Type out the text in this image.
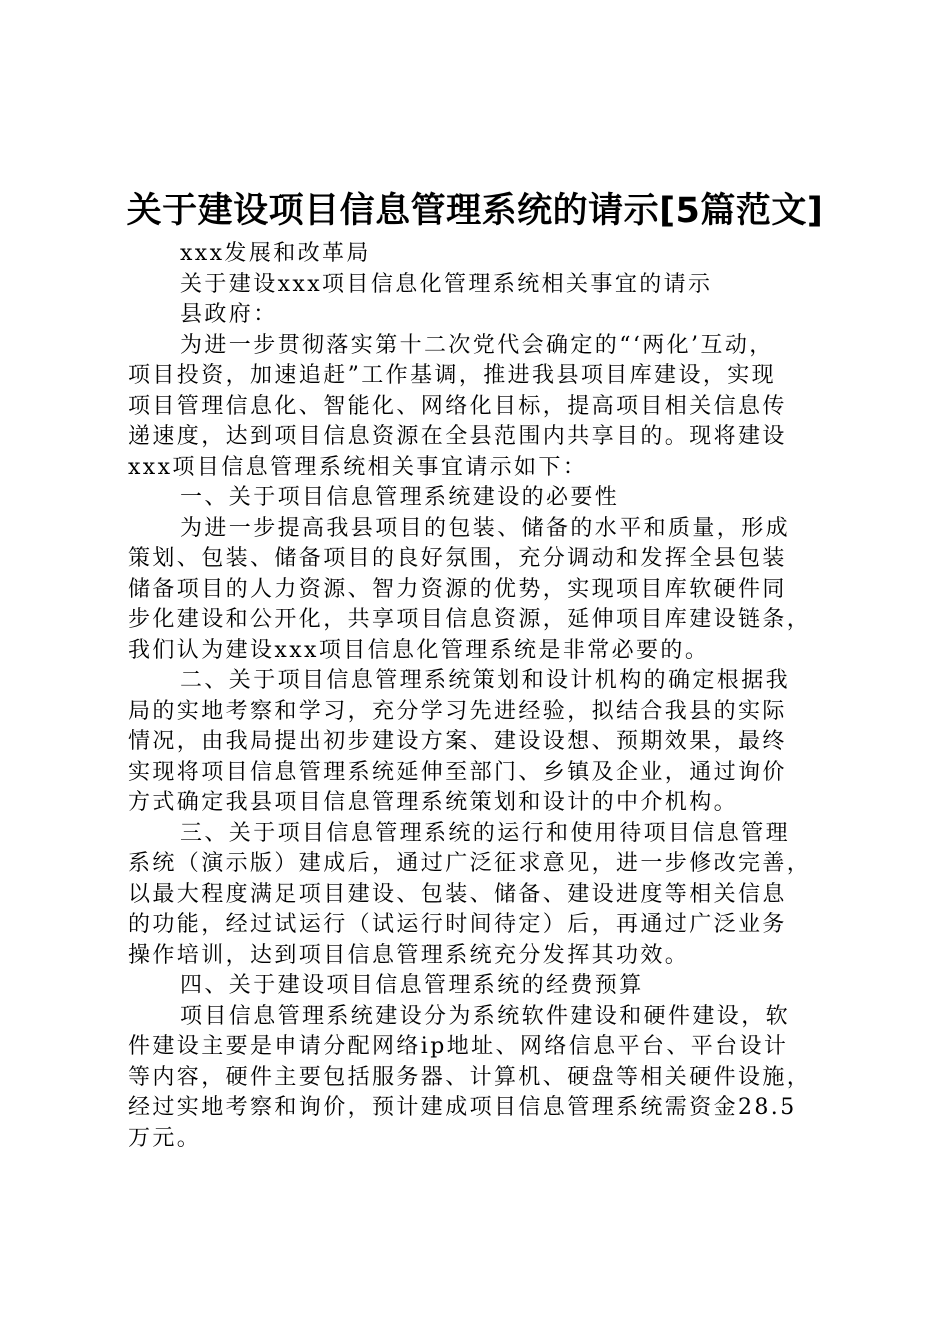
关于建设项目信息管理系统的请示[5篇范文]
xxx发展和改革局
关于建设xxx项目信息化管理系统相关事宜的请示
县政府：
为进一步贯彻落实第十二次党代会确定的“‘两化’互动，
项目投资，加速追赶”工作基调，推进我县项目库建设，实现
项目管理信息化、智能化、网络化目标，提高项目相关信息传
递速度，达到项目信息资源在全县范围内共享目的。现将建设
xxx项目信息管理系统相关事宜请示如下：
一、关于项目信息管理系统建设的必要性
为进一步提高我县项目的包装、储备的水平和质量，形成
策划、包装、储备项目的良好氛围，充分调动和发挥全县包装
储备项目的人力资源、智力资源的优势，实现项目库软硬件同
步化建设和公开化，共享项目信息资源，延伸项目库建设链条，
我们认为建设xxx项目信息化管理系统是非常必要的。
二、关于项目信息管理系统策划和设计机构的确定根据我
局的实地考察和学习，充分学习先进经验，拟结合我县的实际
情况，由我局提出初步建设方案、建设设想、预期效果，最终
实现将项目信息管理系统延伸至部门、乡镇及企业，通过询价
方式确定我县项目信息管理系统策划和设计的中介机构。
三、关于项目信息管理系统的运行和使用待项目信息管理
系统（演示版）建成后，通过广泛征求意见，进一步修改完善，
以最大程度满足项目建设、包装、储备、建设进度等相关信息
的功能，经过试运行（试运行时间待定）后，再通过广泛业务
操作培训，达到项目信息管理系统充分发挥其功效。
四、关于建设项目信息管理系统的经费预算
项目信息管理系统建设分为系统软件建设和硬件建设，软
件建设主要是申请分配网络ip地址、网络信息平台、平台设计
等内容，硬件主要包括服务器、计算机、硬盘等相关硬件设施，
经过实地考察和询价，预计建成项目信息管理系统需资金28.5
万元。
